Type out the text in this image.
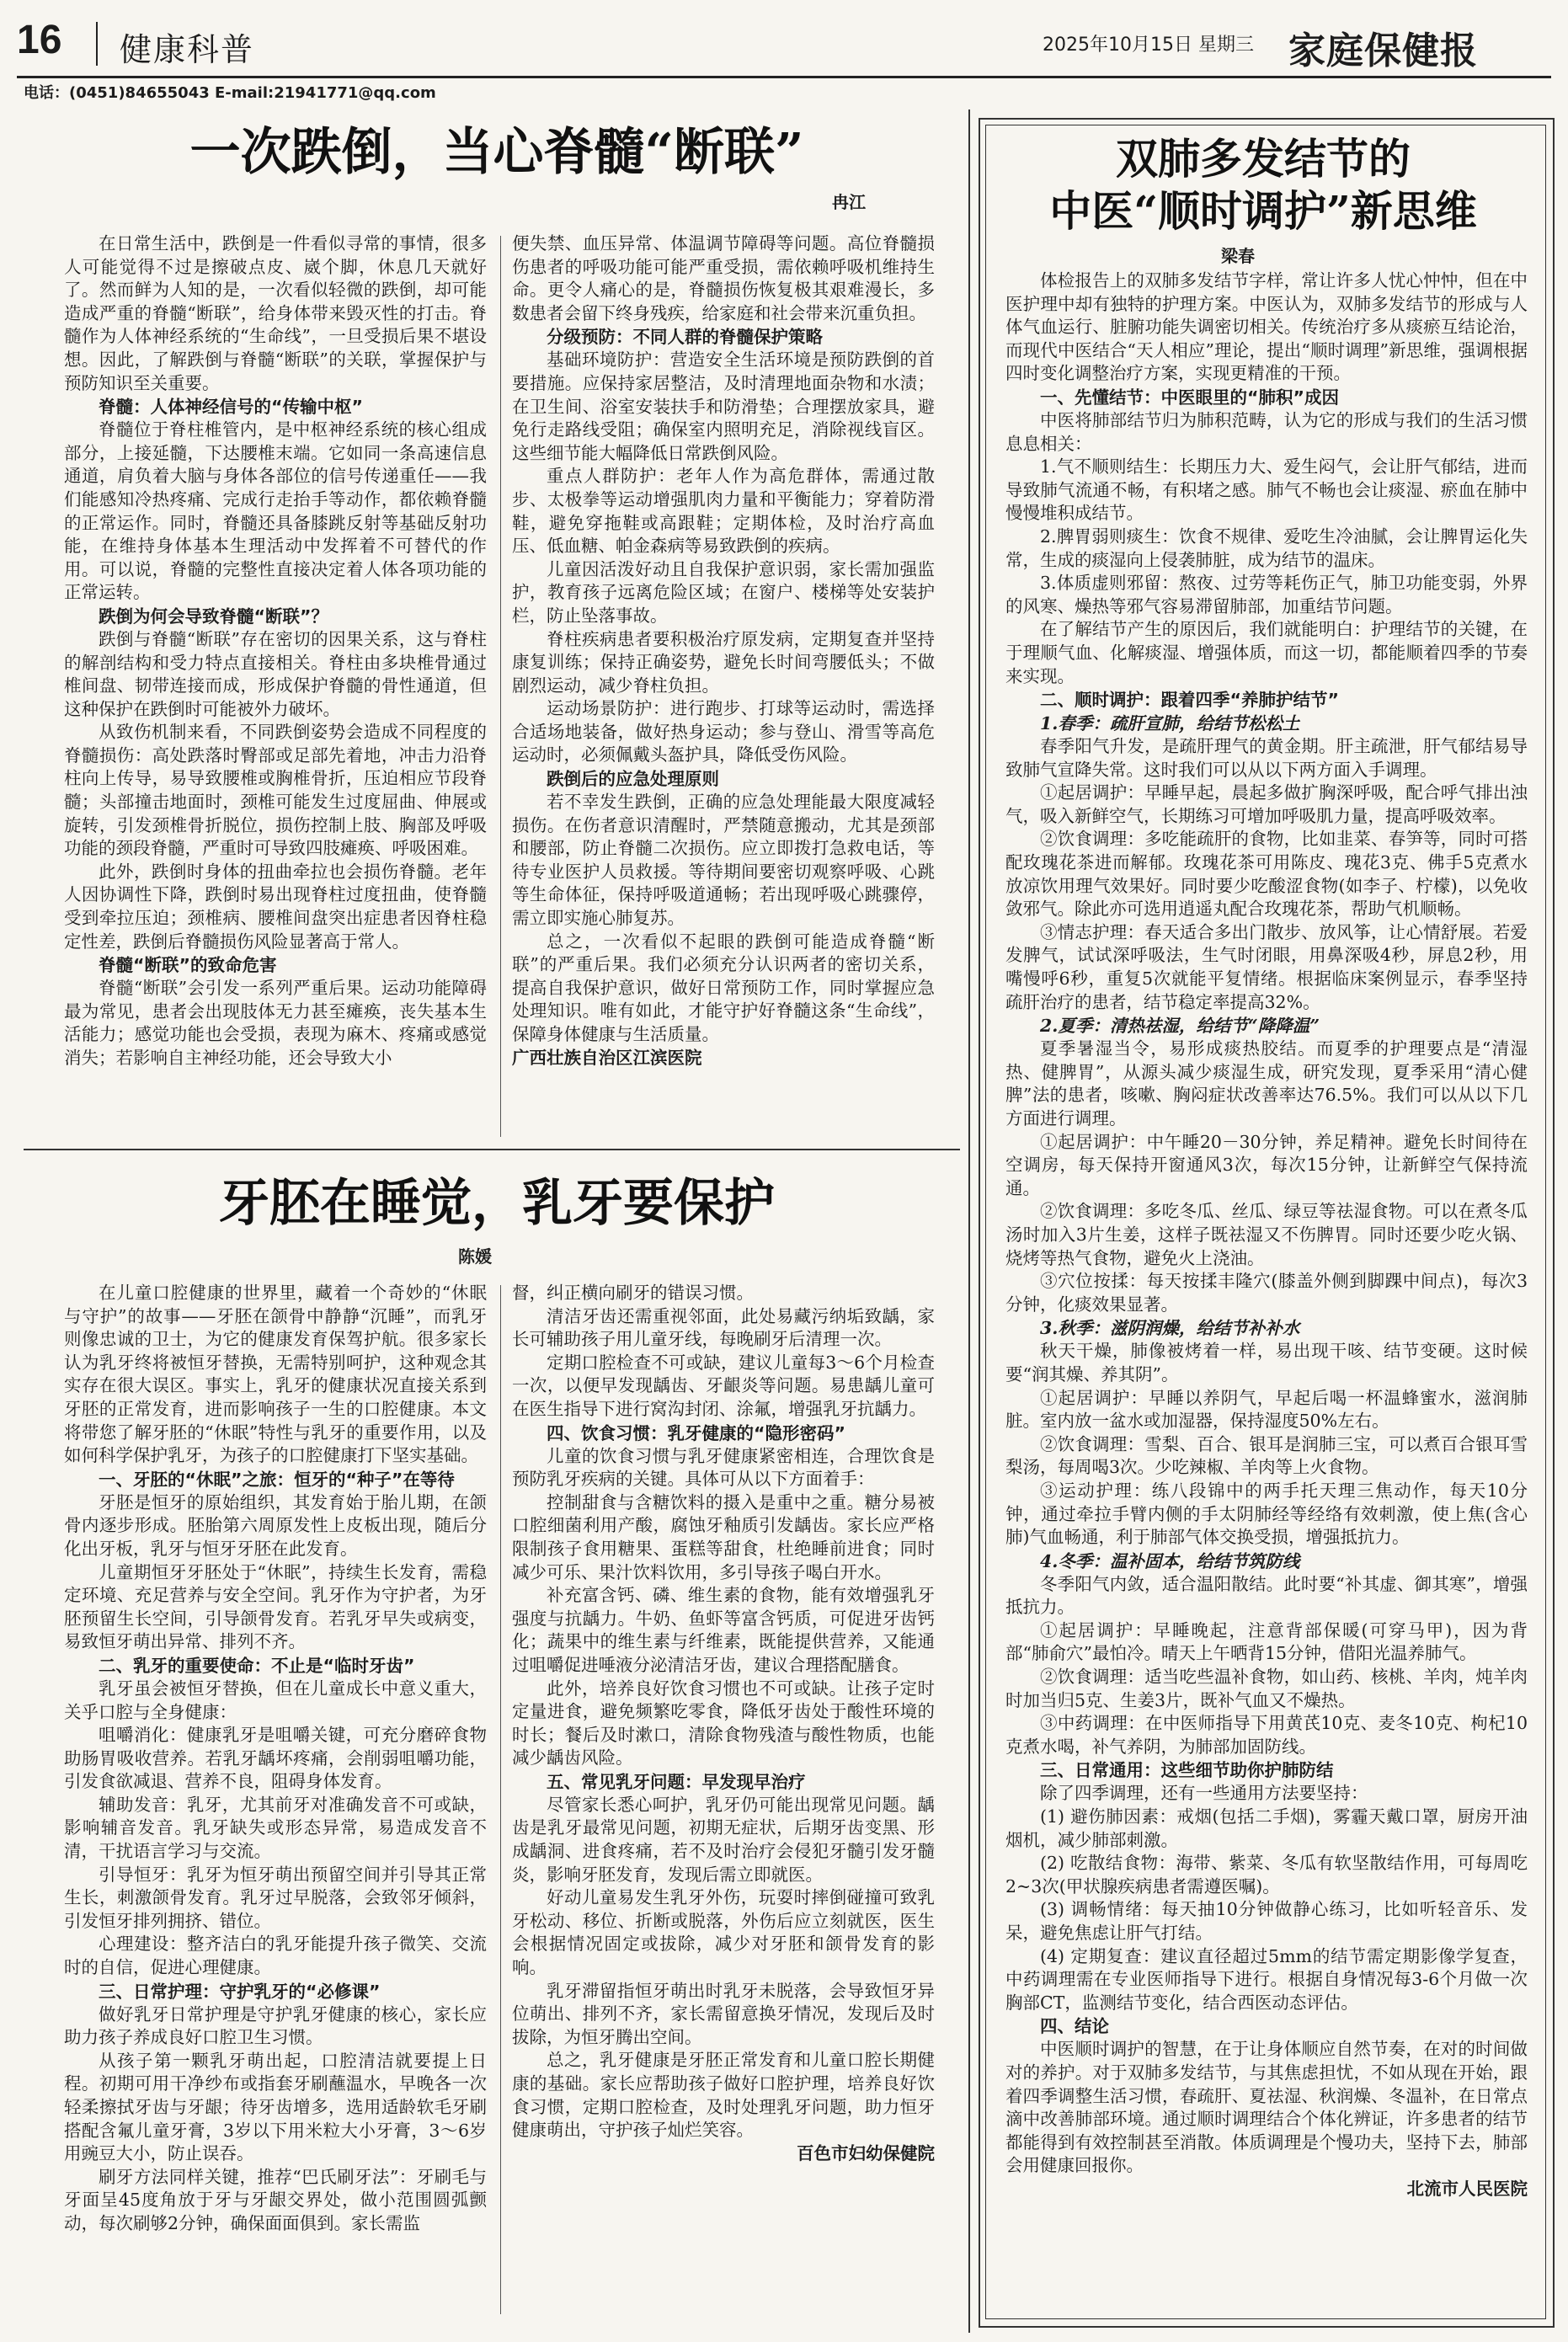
16 健康科普	2025年10月15日 星期三 家庭保健报
电话：(0451)84655043 E-mail:21941771@qq.com
一次跌倒，当心脊髓“断联”
冉江

在日常生活中，跌倒是一件看似寻常的事情，很多人可能觉得不过是擦破点皮、崴个脚，休息几天就好了。然而鲜为人知的是，一次看似轻微的跌倒，却可能造成严重的脊髓“断联”，给身体带来毁灭性的打击。脊髓作为人体神经系统的“生命线”，一旦受损后果不堪设想。因此，了解跌倒与脊髓“断联”的关联，掌握保护与预防知识至关重要。

脊髓：人体神经信号的“传输中枢”

脊髓位于脊柱椎管内，是中枢神经系统的核心组成部分，上接延髓，下达腰椎末端。它如同一条高速信息通道，肩负着大脑与身体各部位的信号传递重任——我们能感知冷热疼痛、完成行走抬手等动作，都依赖脊髓的正常运作。同时，脊髓还具备膝跳反射等基础反射功能，在维持身体基本生理活动中发挥着不可替代的作用。可以说，脊髓的完整性直接决定着人体各项功能的正常运转。

跌倒为何会导致脊髓“断联”？

跌倒与脊髓“断联”存在密切的因果关系，这与脊柱的解剖结构和受力特点直接相关。脊柱由多块椎骨通过椎间盘、韧带连接而成，形成保护脊髓的骨性通道，但这种保护在跌倒时可能被外力破坏。

从致伤机制来看，不同跌倒姿势会造成不同程度的脊髓损伤：高处跌落时臀部或足部先着地，冲击力沿脊柱向上传导，易导致腰椎或胸椎骨折，压迫相应节段脊髓；头部撞击地面时，颈椎可能发生过度屈曲、伸展或旋转，引发颈椎骨折脱位，损伤控制上肢、胸部及呼吸功能的颈段脊髓，严重时可导致四肢瘫痪、呼吸困难。

此外，跌倒时身体的扭曲牵拉也会损伤脊髓。老年人因协调性下降，跌倒时易出现脊柱过度扭曲，使脊髓受到牵拉压迫；颈椎病、腰椎间盘突出症患者因脊柱稳定性差，跌倒后脊髓损伤风险显著高于常人。

脊髓“断联”的致命危害

脊髓“断联”会引发一系列严重后果。运动功能障碍最为常见，患者会出现肢体无力甚至瘫痪，丧失基本生活能力；感觉功能也会受损，表现为麻木、疼痛或感觉消失；若影响自主神经功能，还会导致大小

便失禁、血压异常、体温调节障碍等问题。高位脊髓损伤患者的呼吸功能可能严重受损，需依赖呼吸机维持生命。更令人痛心的是，脊髓损伤恢复极其艰难漫长，多数患者会留下终身残疾，给家庭和社会带来沉重负担。

分级预防：不同人群的脊髓保护策略

基础环境防护：营造安全生活环境是预防跌倒的首要措施。应保持家居整洁，及时清理地面杂物和水渍；在卫生间、浴室安装扶手和防滑垫；合理摆放家具，避免行走路线受阻；确保室内照明充足，消除视线盲区。这些细节能大幅降低日常跌倒风险。

重点人群防护：老年人作为高危群体，需通过散步、太极拳等运动增强肌肉力量和平衡能力；穿着防滑鞋，避免穿拖鞋或高跟鞋；定期体检，及时治疗高血压、低血糖、帕金森病等易致跌倒的疾病。

儿童因活泼好动且自我保护意识弱，家长需加强监护，教育孩子远离危险区域；在窗户、楼梯等处安装护栏，防止坠落事故。

脊柱疾病患者要积极治疗原发病，定期复查并坚持康复训练；保持正确姿势，避免长时间弯腰低头；不做剧烈运动，减少脊柱负担。

运动场景防护：进行跑步、打球等运动时，需选择合适场地装备，做好热身运动；参与登山、滑雪等高危运动时，必须佩戴头盔护具，降低受伤风险。

跌倒后的应急处理原则

若不幸发生跌倒，正确的应急处理能最大限度减轻损伤。在伤者意识清醒时，严禁随意搬动，尤其是颈部和腰部，防止脊髓二次损伤。应立即拨打急救电话，等待专业医护人员救援。等待期间要密切观察呼吸、心跳等生命体征，保持呼吸道通畅；若出现呼吸心跳骤停，需立即实施心肺复苏。

总之，一次看似不起眼的跌倒可能造成脊髓“断联”的严重后果。我们必须充分认识两者的密切关系，提高自我保护意识，做好日常预防工作，同时掌握应急处理知识。唯有如此，才能守护好脊髓这条“生命线”，保障身体健康与生活质量。

广西壮族自治区江滨医院

牙胚在睡觉，乳牙要保护
陈媛

在儿童口腔健康的世界里，藏着一个奇妙的“休眠与守护”的故事——牙胚在颌骨中静静“沉睡”，而乳牙则像忠诚的卫士，为它的健康发育保驾护航。很多家长认为乳牙终将被恒牙替换，无需特别呵护，这种观念其实存在很大误区。事实上，乳牙的健康状况直接关系到牙胚的正常发育，进而影响孩子一生的口腔健康。本文将带您了解牙胚的“休眠”特性与乳牙的重要作用，以及如何科学保护乳牙，为孩子的口腔健康打下坚实基础。

一、牙胚的“休眠”之旅：恒牙的“种子”在等待

牙胚是恒牙的原始组织，其发育始于胎儿期，在颌骨内逐步形成。胚胎第六周原发性上皮板出现，随后分化出牙板，乳牙与恒牙牙胚在此发育。

儿童期恒牙牙胚处于“休眠”，持续生长发育，需稳定环境、充足营养与安全空间。乳牙作为守护者，为牙胚预留生长空间，引导颌骨发育。若乳牙早失或病变，易致恒牙萌出异常、排列不齐。

二、乳牙的重要使命：不止是“临时牙齿”

乳牙虽会被恒牙替换，但在儿童成长中意义重大，关乎口腔与全身健康：

咀嚼消化：健康乳牙是咀嚼关键，可充分磨碎食物助肠胃吸收营养。若乳牙龋坏疼痛，会削弱咀嚼功能，引发食欲减退、营养不良，阻碍身体发育。

辅助发音：乳牙，尤其前牙对准确发音不可或缺，影响辅音发音。乳牙缺失或形态异常，易造成发音不清，干扰语言学习与交流。

引导恒牙：乳牙为恒牙萌出预留空间并引导其正常生长，刺激颌骨发育。乳牙过早脱落，会致邻牙倾斜，引发恒牙排列拥挤、错位。

心理建设：整齐洁白的乳牙能提升孩子微笑、交流时的自信，促进心理健康。

三、日常护理：守护乳牙的“必修课”

做好乳牙日常护理是守护乳牙健康的核心，家长应助力孩子养成良好口腔卫生习惯。

从孩子第一颗乳牙萌出起，口腔清洁就要提上日程。初期可用干净纱布或指套牙刷蘸温水，早晚各一次轻柔擦拭牙齿与牙龈；待牙齿增多，选用适龄软毛牙刷搭配含氟儿童牙膏，3岁以下用米粒大小牙膏，3～6岁用豌豆大小，防止误吞。

刷牙方法同样关键，推荐“巴氏刷牙法”：牙刷毛与牙面呈45度角放于牙与牙龈交界处，做小范围圆弧颤动，每次刷够2分钟，确保面面俱到。家长需监

督，纠正横向刷牙的错误习惯。

清洁牙齿还需重视邻面，此处易藏污纳垢致龋，家长可辅助孩子用儿童牙线，每晚刷牙后清理一次。

定期口腔检查不可或缺，建议儿童每3～6个月检查一次，以便早发现龋齿、牙齦炎等问题。易患龋儿童可在医生指导下进行窝沟封闭、涂氟，增强乳牙抗龋力。

四、饮食习惯：乳牙健康的“隐形密码”

儿童的饮食习惯与乳牙健康紧密相连，合理饮食是预防乳牙疾病的关键。具体可从以下方面着手：

控制甜食与含糖饮料的摄入是重中之重。糖分易被口腔细菌利用产酸，腐蚀牙釉质引发龋齿。家长应严格限制孩子食用糖果、蛋糕等甜食，杜绝睡前进食；同时减少可乐、果汁饮料饮用，多引导孩子喝白开水。

补充富含钙、磷、维生素的食物，能有效增强乳牙强度与抗龋力。牛奶、鱼虾等富含钙质，可促进牙齿钙化；蔬果中的维生素与纤维素，既能提供营养，又能通过咀嚼促进唾液分泌清洁牙齿，建议合理搭配膳食。

此外，培养良好饮食习惯也不可或缺。让孩子定时定量进食，避免频繁吃零食，降低牙齿处于酸性环境的时长；餐后及时漱口，清除食物残渣与酸性物质，也能减少龋齿风险。

五、常见乳牙问题：早发现早治疗

尽管家长悉心呵护，乳牙仍可能出现常见问题。龋齿是乳牙最常见问题，初期无症状，后期牙齿变黑、形成龋洞、进食疼痛，若不及时治疗会侵犯牙髓引发牙髓炎，影响牙胚发育，发现后需立即就医。

好动儿童易发生乳牙外伤，玩耍时摔倒碰撞可致乳牙松动、移位、折断或脱落，外伤后应立刻就医，医生会根据情况固定或拔除，减少对牙胚和颌骨发育的影响。

乳牙滞留指恒牙萌出时乳牙未脱落，会导致恒牙异位萌出、排列不齐，家长需留意换牙情况，发现后及时拔除，为恒牙腾出空间。

总之，乳牙健康是牙胚正常发育和儿童口腔长期健康的基础。家长应帮助孩子做好口腔护理，培养良好饮食习惯，定期口腔检查，及时处理乳牙问题，助力恒牙健康萌出，守护孩子灿烂笑容。

百色市妇幼保健院

双肺多发结节的
中医“顺时调护”新思维
梁春

体检报告上的双肺多发结节字样，常让许多人忧心忡忡，但在中医护理中却有独特的护理方案。中医认为，双肺多发结节的形成与人体气血运行、脏腑功能失调密切相关。传统治疗多从痰瘀互结论治，而现代中医结合“天人相应”理论，提出“顺时调理”新思维，强调根据四时变化调整治疗方案，实现更精准的干预。

一、先懂结节：中医眼里的“肺积”成因

中医将肺部结节归为肺积范畴，认为它的形成与我们的生活习惯息息相关：

1.气不顺则结生：长期压力大、爱生闷气，会让肝气郁结，进而导致肺气流通不畅，有积堵之感。肺气不畅也会让痰湿、瘀血在肺中慢慢堆积成结节。

2.脾胃弱则痰生：饮食不规律、爱吃生冷油腻，会让脾胃运化失常，生成的痰湿向上侵袭肺脏，成为结节的温床。

3.体质虚则邪留：熬夜、过劳等耗伤正气，肺卫功能变弱，外界的风寒、燥热等邪气容易滞留肺部，加重结节问题。

在了解结节产生的原因后，我们就能明白：护理结节的关键，在于理顺气血、化解痰湿、增强体质，而这一切，都能顺着四季的节奏来实现。

二、顺时调护：跟着四季“养肺护结节”
1.春季：疏肝宣肺，给结节松松土

春季阳气升发，是疏肝理气的黄金期。肝主疏泄，肝气郁结易导致肺气宣降失常。这时我们可以从以下两方面入手调理。

①起居调护：早睡早起，晨起多做扩胸深呼吸，配合呼气排出浊气，吸入新鲜空气，长期练习可增加呼吸肌力量，提高呼吸效率。

②饮食调理：多吃能疏肝的食物，比如韭菜、春笋等，同时可搭配玫瑰花茶进而解郁。玫瑰花茶可用陈皮、瑰花3克、佛手5克煮水放凉饮用理气效果好。同时要少吃酸涩食物(如李子、柠檬)，以免收敛邪气。除此亦可选用逍遥丸配合玫瑰花茶，帮助气机顺畅。

③情志护理：春天适合多出门散步、放风筝，让心情舒展。若爱发脾气，试试深呼吸法，生气时闭眼，用鼻深吸4秒，屏息2秒，用嘴慢呼6秒，重复5次就能平复情绪。根据临床案例显示，春季坚持疏肝治疗的患者，结节稳定率提高32%。

2.夏季：清热祛湿，给结节“降降温”

夏季暑湿当令，易形成痰热胶结。而夏季的护理要点是“清湿热、健脾胃”，从源头减少痰湿生成，研究发现，夏季采用“清心健脾”法的患者，咳嗽、胸闷症状改善率达76.5%。我们可以从以下几方面进行调理。

①起居调护：中午睡20－30分钟，养足精神。避免长时间待在空调房，每天保持开窗通风3次，每次15分钟，让新鲜空气保持流通。

②饮食调理：多吃冬瓜、丝瓜、绿豆等祛湿食物。可以在煮冬瓜汤时加入3片生姜，这样子既祛湿又不伤脾胃。同时还要少吃火锅、烧烤等热气食物，避免火上浇油。

③穴位按揉：每天按揉丰隆穴(膝盖外侧到脚踝中间点)，每次3分钟，化痰效果显著。

3.秋季：滋阴润燥，给结节补补水

秋天干燥，肺像被烤着一样，易出现干咳、结节变硬。这时候要“润其燥、养其阴”。

①起居调护：早睡以养阴气，早起后喝一杯温蜂蜜水，滋润肺脏。室内放一盆水或加湿器，保持湿度50%左右。

②饮食调理：雪梨、百合、银耳是润肺三宝，可以煮百合银耳雪梨汤，每周喝3次。少吃辣椒、羊肉等上火食物。

③运动护理：练八段锦中的两手托天理三焦动作，每天10分钟，通过牵拉手臂内侧的手太阴肺经等经络有效刺激，使上焦(含心肺)气血畅通，利于肺部气体交换受损，增强抵抗力。

4.冬季：温补固本，给结节筑防线

冬季阳气内敛，适合温阳散结。此时要“补其虚、御其寒”，增强抵抗力。

①起居调护：早睡晚起，注意背部保暖(可穿马甲)，因为背部“肺俞穴”最怕冷。晴天上午晒背15分钟，借阳光温养肺气。

②饮食调理：适当吃些温补食物，如山药、核桃、羊肉，炖羊肉时加当归5克、生姜3片，既补气血又不燥热。

③中药调理：在中医师指导下用黄芪10克、麦冬10克、枸杞10克煮水喝，补气养阴，为肺部加固防线。

三、日常通用：这些细节助你护肺防结

除了四季调理，还有一些通用方法要坚持：

(1) 避伤肺因素：戒烟(包括二手烟)，雾霾天戴口罩，厨房开油烟机，减少肺部刺激。

(2) 吃散结食物：海带、紫菜、冬瓜有软坚散结作用，可每周吃2~3次(甲状腺疾病患者需遵医嘱)。

(3) 调畅情绪：每天抽10分钟做静心练习，比如听轻音乐、发呆，避免焦虑让肝气打结。

(4) 定期复查：建议直径超过5mm的结节需定期影像学复查，中药调理需在专业医师指导下进行。根据自身情况每3-6个月做一次胸部CT，监测结节变化，结合西医动态评估。

四、结论

中医顺时调护的智慧，在于让身体顺应自然节奏，在对的时间做对的养护。对于双肺多发结节，与其焦虑担忧，不如从现在开始，跟着四季调整生活习惯，春疏肝、夏祛湿、秋润燥、冬温补，在日常点滴中改善肺部环境。通过顺时调理结合个体化辨证，许多患者的结节都能得到有效控制甚至消散。体质调理是个慢功夫，坚持下去，肺部会用健康回报你。

北流市人民医院
